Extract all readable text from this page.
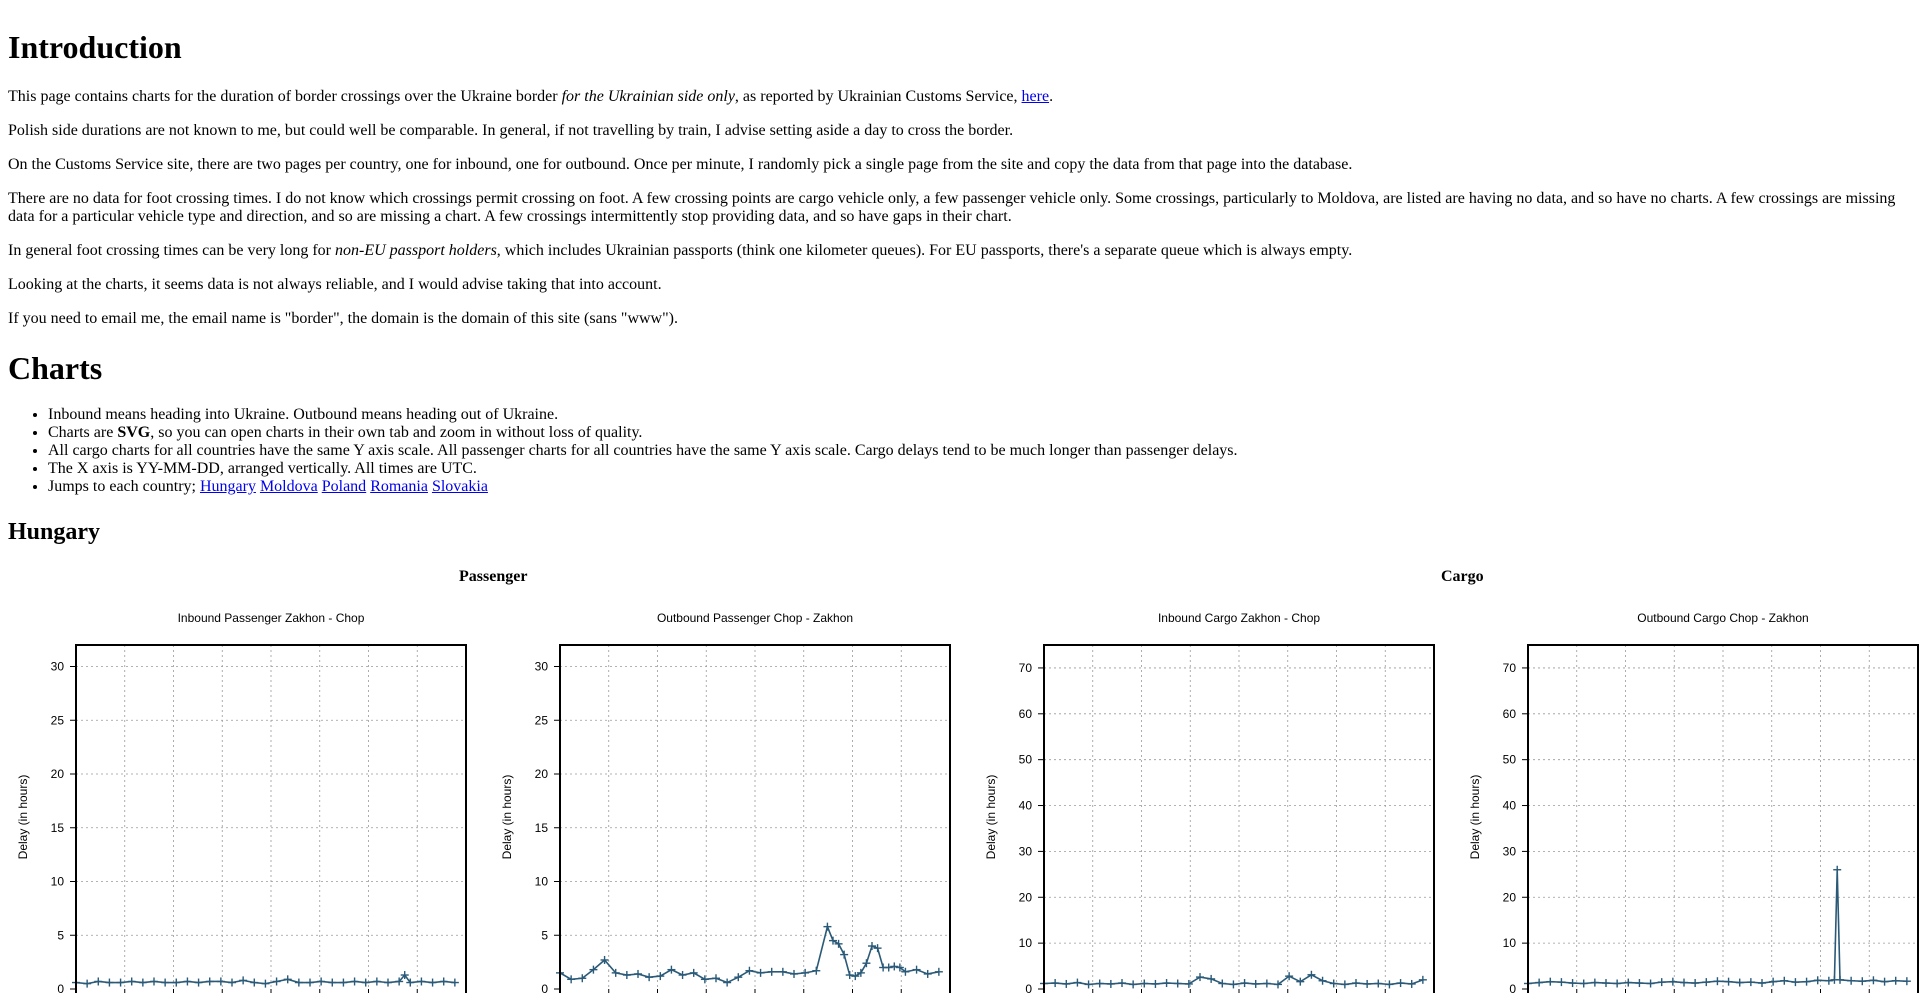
Introduction

This page contains charts for the duration of border crossings over the Ukraine border for the Ukrainian side only, as reported by Ukrainian Customs Service, here.

Polish side durations are not known to me, but could well be comparable. In general, if not travelling by train, I advise setting aside a day to cross the border.

On the Customs Service site, there are two pages per country, one for inbound, one for outbound. Once per minute, I randomly pick a single page from the site and copy the data from that page into the database.

There are no data for foot crossing times. I do not know which crossings permit crossing on foot. A few crossing points are cargo vehicle only, a few passenger vehicle only. Some crossings, particularly to Moldova, are listed are having no data, and so have no charts. A few crossings are missing data for a particular vehicle type and direction, and so are missing a chart. A few crossings intermittently stop providing data, and so have gaps in their chart.

In general foot crossing times can be very long for non-EU passport holders, which includes Ukrainian passports (think one kilometer queues). For EU passports, there's a separate queue which is always empty.

Looking at the charts, it seems data is not always reliable, and I would advise taking that into account.

If you need to email me, the email name is "border", the domain is the domain of this site (sans "www").

Charts
• Inbound means heading into Ukraine. Outbound means heading out of Ukraine.
• Charts are SVG, so you can open charts in their own tab and zoom in without loss of quality.
• All cargo charts for all countries have the same Y axis scale. All passenger charts for all countries have the same Y axis scale. Cargo delays tend to be much longer than passenger delays.
• The X axis is YY-MM-DD, arranged vertically. All times are UTC.
• Jumps to each country; Hungary Moldova Poland Romania Slovakia
Hungary
Passenger	Cargo
Inbound Passenger Zakhon - Chop
0
5
10
15
20
25
30
Delay (in hours)
Outbound Passenger Chop - Zakhon
0
5
10
15
20
25
30
Delay (in hours)
Inbound Cargo Zakhon - Chop
0
10
20
30
40
50
60
70
Delay (in hours)
Outbound Cargo Chop - Zakhon
0
10
20
30
40
50
60
70
Delay (in hours)
